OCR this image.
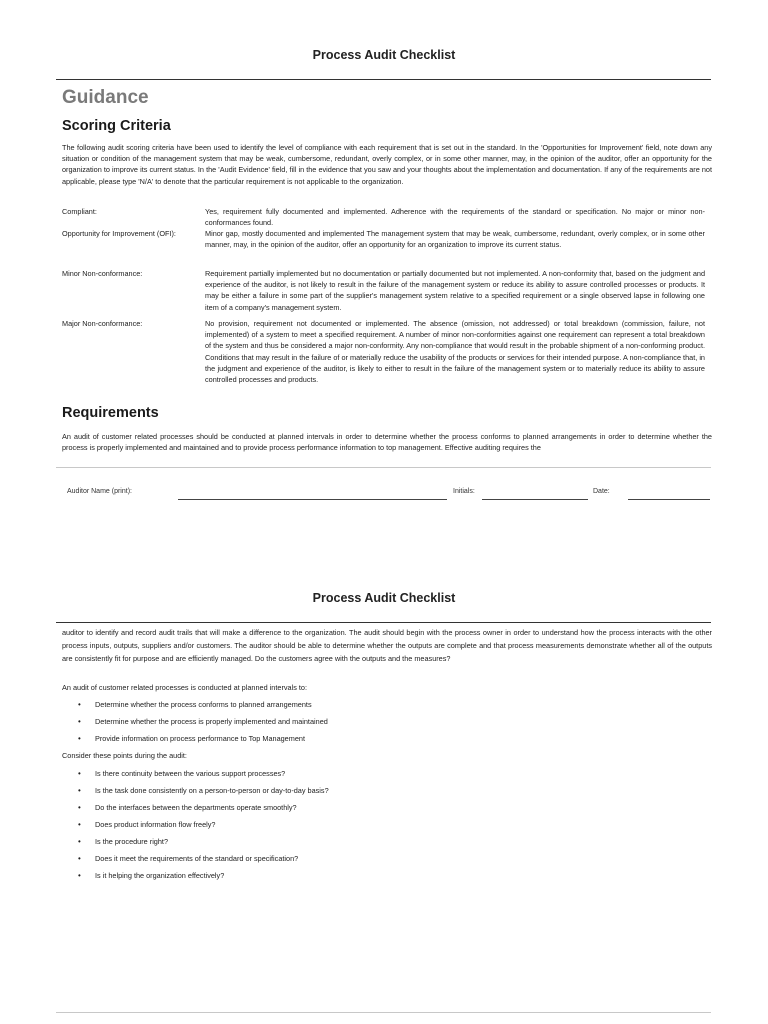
Process Audit Checklist
Guidance
Scoring Criteria
The following audit scoring criteria have been used to identify the level of compliance with each requirement that is set out in the standard. In the 'Opportunities for Improvement' field, note down any situation or condition of the management system that may be weak, cumbersome, redundant, overly complex, or in some other manner, may, in the opinion of the auditor, offer an opportunity for the organization to improve its current status. In the 'Audit Evidence' field, fill in the evidence that you saw and your thoughts about the implementation and documentation. If any of the requirements are not applicable, please type 'N/A' to denote that the particular requirement is not applicable to the organization.
Compliant:	Yes, requirement fully documented and implemented. Adherence with the requirements of the standard or specification. No major or minor non-conformances found.
Opportunity for Improvement (OFI):	Minor gap, mostly documented and implemented The management system that may be weak, cumbersome, redundant, overly complex, or in some other manner, may, in the opinion of the auditor, offer an opportunity for an organization to improve its current status.
Minor Non-conformance:	Requirement partially implemented but no documentation or partially documented but not implemented. A non-conformity that, based on the judgment and experience of the auditor, is not likely to result in the failure of the management system or reduce its ability to assure controlled processes or products. It may be either a failure in some part of the supplier's management system relative to a specified requirement or a single observed lapse in following one item of a company's management system.
Major Non-conformance:	No provision, requirement not documented or implemented. The absence (omission, not addressed) or total breakdown (commission, failure, not implemented) of a system to meet a specified requirement. A number of minor non-conformities against one requirement can represent a total breakdown of the system and thus be considered a major non-conformity. Any non-compliance that would result in the probable shipment of a non-conforming product. Conditions that may result in the failure of or materially reduce the usability of the products or services for their intended purpose. A non-compliance that, in the judgment and experience of the auditor, is likely to either to result in the failure of the management system or to materially reduce its ability to assure controlled processes and products.
Requirements
An audit of customer related processes should be conducted at planned intervals in order to determine whether the process conforms to planned arrangements in order to determine whether the process is properly implemented and maintained and to provide process performance information to top management. Effective auditing requires the
Auditor Name (print):	Initials:	Date:
Process Audit Checklist
auditor to identify and record audit trails that will make a difference to the organization. The audit should begin with the process owner in order to understand how the process interacts with the other process inputs, outputs, suppliers and/or customers. The auditor should be able to determine whether the outputs are complete and that process measurements demonstrate whether all of the outputs are consistently fit for purpose and are efficiently managed. Do the customers agree with the outputs and the measures?
An audit of customer related processes is conducted at planned intervals to:
• Determine whether the process conforms to planned arrangements
• Determine whether the process is properly implemented and maintained
• Provide information on process performance to Top Management
Consider these points during the audit:
• Is there continuity between the various support processes?
• Is the task done consistently on a person-to-person or day-to-day basis?
• Do the interfaces between the departments operate smoothly?
• Does product information flow freely?
• Is the procedure right?
• Does it meet the requirements of the standard or specification?
• Is it helping the organization effectively?
